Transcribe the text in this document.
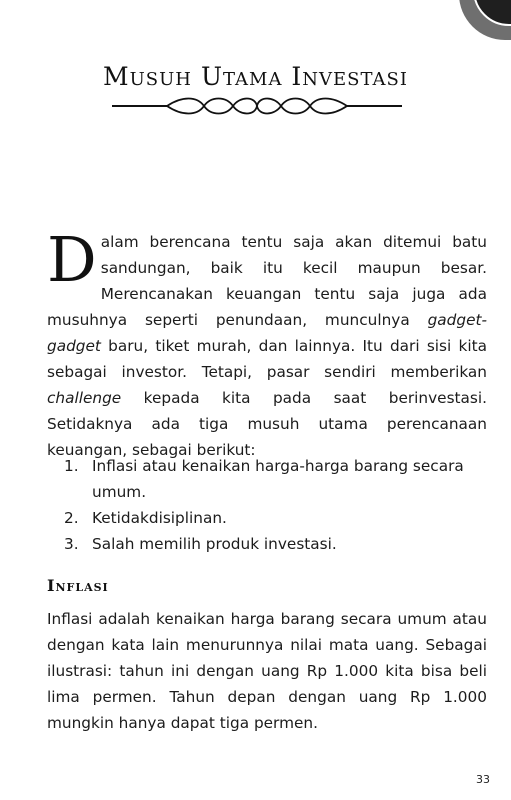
Musuh Utama Investasi
Dalam berencana tentu saja akan ditemui batu sandungan, baik itu kecil maupun besar. Merencanakan keuangan tentu saja juga ada musuhnya seperti penundaan, munculnya gadget-gadget baru, tiket murah, dan lainnya. Itu dari sisi kita sebagai investor. Tetapi, pasar sendiri memberikan challenge kepada kita pada saat berinvestasi. Setidaknya ada tiga musuh utama perencanaan keuangan, sebagai berikut:
1. Inflasi atau kenaikan harga-harga barang secara umum.
2. Ketidakdisiplinan.
3. Salah memilih produk investasi.
Inflasi
Inflasi adalah kenaikan harga barang secara umum atau dengan kata lain menurunnya nilai mata uang. Sebagai ilustrasi: tahun ini dengan uang Rp 1.000 kita bisa beli lima permen. Tahun depan dengan uang Rp 1.000 mungkin hanya dapat tiga permen.
33
